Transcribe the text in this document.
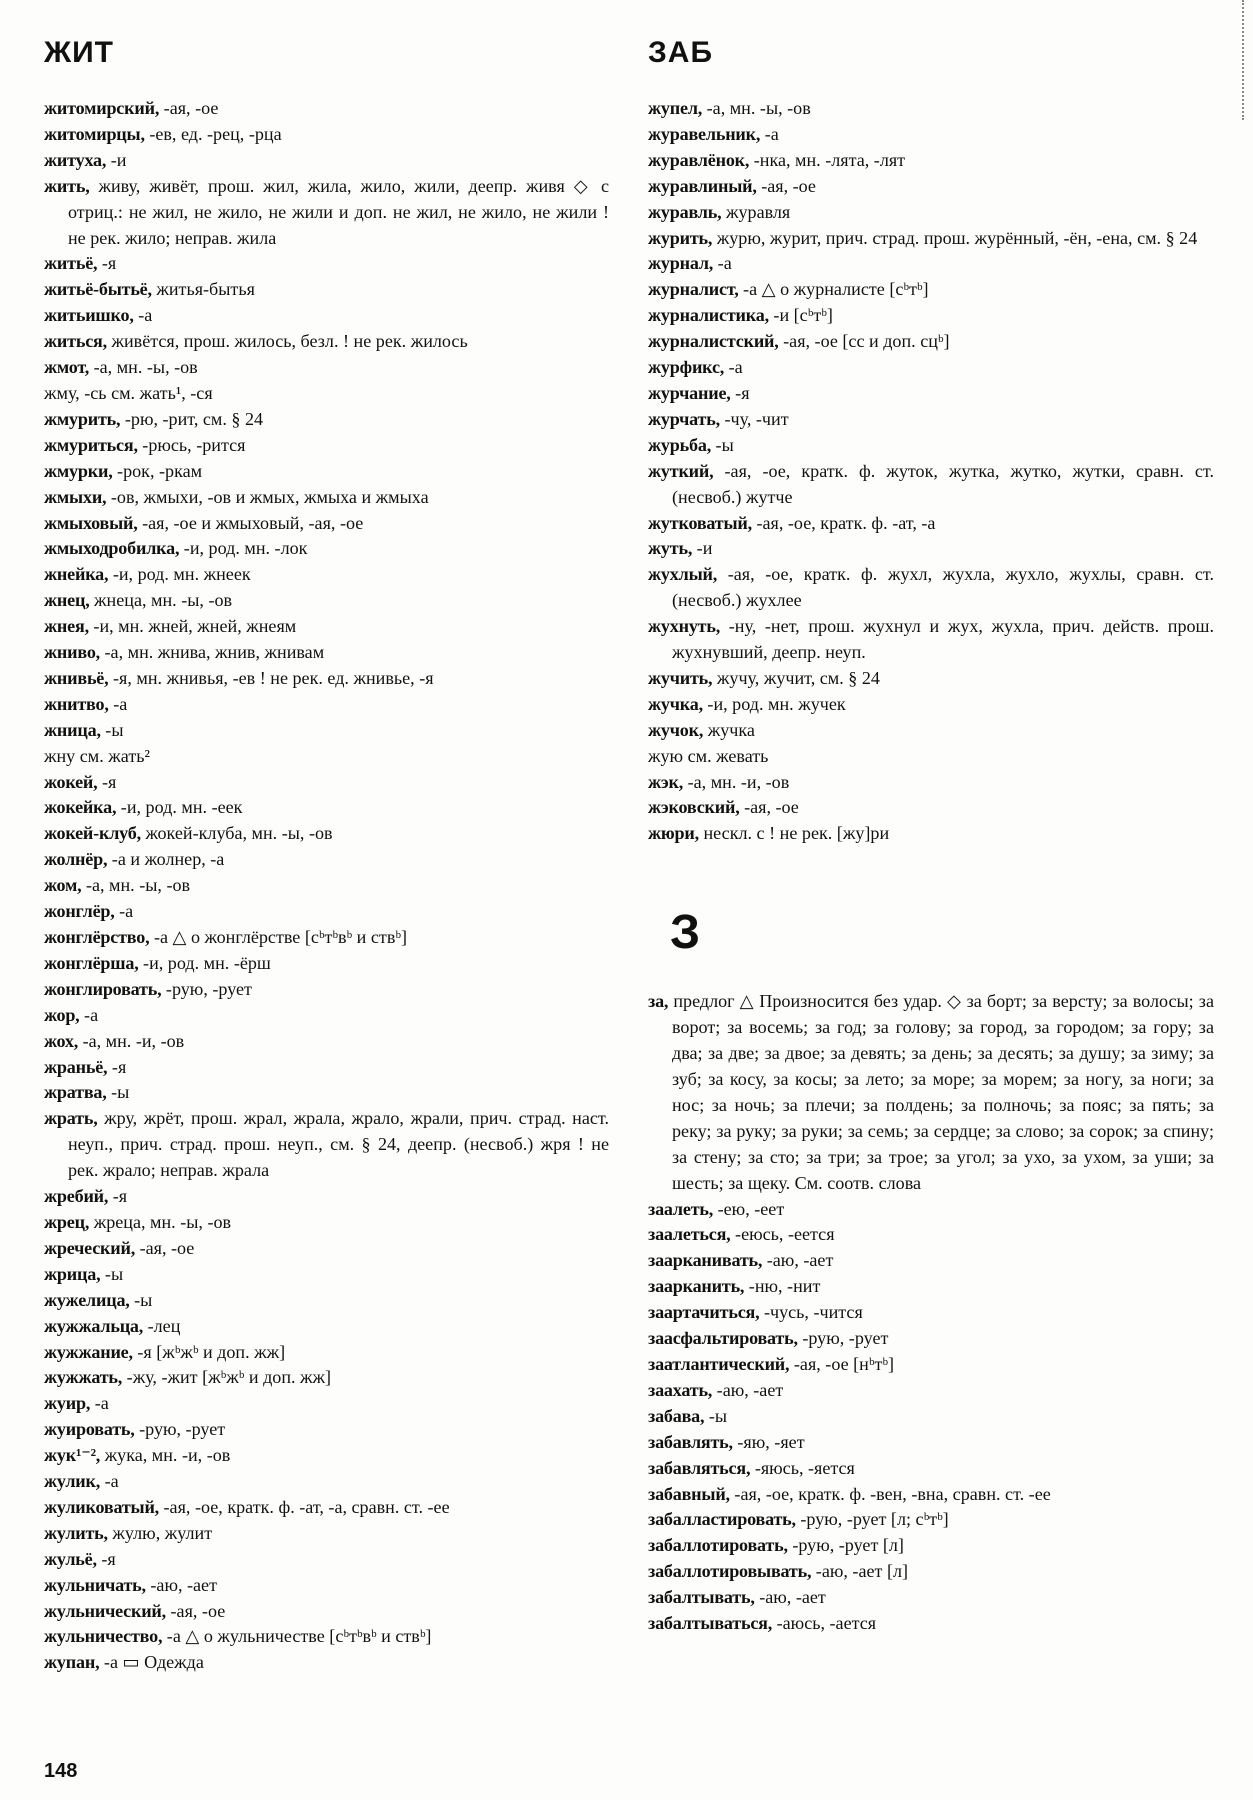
ЖИТ	ЗАБ
житомирский, -ая, -ое
житомирцы, -ев, ед. -рец, -рца
житуха, -и
жить, живу, живёт, прош. жил, жила, жило, жили, деепр. живя ◇ с отриц.: не жил, не жило, не жили и доп. не жил, не жило, не жили ! не рек. жило; неправ. жила
житьё, -я
житьё-бытьё, житья-бытья
житьишко, -а
житься, живётся, прош. жилось, безл. ! не рек. жилось
жмот, -а, мн. -ы, -ов
жму, -сь см. жать¹, -ся
жмурить, -рю, -рит, см. § 24
жмуриться, -рюсь, -рится
жмурки, -рок, -ркам
жмыхи, -ов, жмыхи, -ов и жмых, жмыха и жмыха
жмыховый, -ая, -ое и жмыховый, -ая, -ое
жмыходробилка, -и, род. мн. -лок
жнейка, -и, род. мн. жнеек
жнец, жнеца, мн. -ы, -ов
жнея, -и, мн. жней, жней, жнеям
жниво, -а, мн. жнива, жнив, жнивам
жнивьё, -я, мн. жнивья, -ев ! не рек. ед. жнивье, -я
жнитво, -а
жница, -ы
жну см. жать²
жокей, -я
жокейка, -и, род. мн. -еек
жокей-клуб, жокей-клуба, мн. -ы, -ов
жолнёр, -а и жолнер, -а
жом, -а, мн. -ы, -ов
жонглёр, -а
жонглёрство, -а △ о жонглёрстве [сᵇтᵇвᵇ и ствᵇ]
жонглёрша, -и, род. мн. -ёрш
жонглировать, -рую, -рует
жор, -а
жох, -а, мн. -и, -ов
жраньё, -я
жратва, -ы
жрать, жру, жрёт, прош. жрал, жрала, жрало, жрали, прич. страд. наст. неуп., прич. страд. прош. неуп., см. § 24, деепр. (несвоб.) жря ! не рек. жрало; неправ. жрала
жребий, -я
жрец, жреца, мн. -ы, -ов
жреческий, -ая, -ое
жрица, -ы
жужелица, -ы
жужжальца, -лец
жужжание, -я [жᵇжᵇ и доп. жж]
жужжать, -жу, -жит [жᵇжᵇ и доп. жж]
жуир, -а
жуировать, -рую, -рует
жук¹⁻², жука, мн. -и, -ов
жулик, -а
жуликоватый, -ая, -ое, кратк. ф. -ат, -а, сравн. ст. -ее
жулить, жулю, жулит
жульё, -я
жульничать, -аю, -ает
жульнический, -ая, -ое
жульничество, -а △ о жульничестве [сᵇтᵇвᵇ и ствᵇ]
жупан, -а ▭ Одежда
жупел, -а, мн. -ы, -ов
журавельник, -а
журавлёнок, -нка, мн. -лята, -лят
журавлиный, -ая, -ое
журавль, журавля
журить, журю, журит, прич. страд. прош. журённый, -ён, -ена, см. § 24
журнал, -а
журналист, -а △ о журналисте [сᵇтᵇ]
журналистика, -и [сᵇтᵇ]
журналистский, -ая, -ое [сс и доп. сцᵇ]
журфикс, -а
журчание, -я
журчать, -чу, -чит
журьба, -ы
жуткий, -ая, -ое, кратк. ф. жуток, жутка, жутко, жутки, сравн. ст. (несвоб.) жутче
жутковатый, -ая, -ое, кратк. ф. -ат, -а
жуть, -и
жухлый, -ая, -ое, кратк. ф. жухл, жухла, жухло, жухлы, сравн. ст. (несвоб.) жухлее
жухнуть, -ну, -нет, прош. жухнул и жух, жухла, прич. действ. прош. жухнувший, деепр. неуп.
жучить, жучу, жучит, см. § 24
жучка, -и, род. мн. жучек
жучок, жучка
жую см. жевать
жэк, -а, мн. -и, -ов
жэковский, -ая, -ое
жюри, нескл. с ! не рек. [жу]ри
З
за, предлог △ Произносится без удар. ◇ за борт; за версту; за волосы; за ворот; за восемь; за год; за голову; за город, за городом; за гору; за два; за две; за двое; за девять; за день; за десять; за душу; за зиму; за зуб; за косу, за косы; за лето; за море; за морем; за ногу, за ноги; за нос; за ночь; за плечи; за полдень; за полночь; за пояс; за пять; за реку; за руку; за руки; за семь; за сердце; за слово; за сорок; за спину; за стену; за сто; за три; за трое; за угол; за ухо, за ухом, за уши; за шесть; за щеку. См. соотв. слова
заалеть, -ею, -еет
заалеться, -еюсь, -еется
заарканивать, -аю, -ает
заарканить, -ню, -нит
заартачиться, -чусь, -чится
заасфальтировать, -рую, -рует
заатлантический, -ая, -ое [нᵇтᵇ]
заахать, -аю, -ает
забава, -ы
забавлять, -яю, -яет
забавляться, -яюсь, -яется
забавный, -ая, -ое, кратк. ф. -вен, -вна, сравн. ст. -ее
забалластировать, -рую, -рует [л; сᵇтᵇ]
забаллотировать, -рую, -рует [л]
забаллотировывать, -аю, -ает [л]
забалтывать, -аю, -ает
забалтываться, -аюсь, -ается
148
